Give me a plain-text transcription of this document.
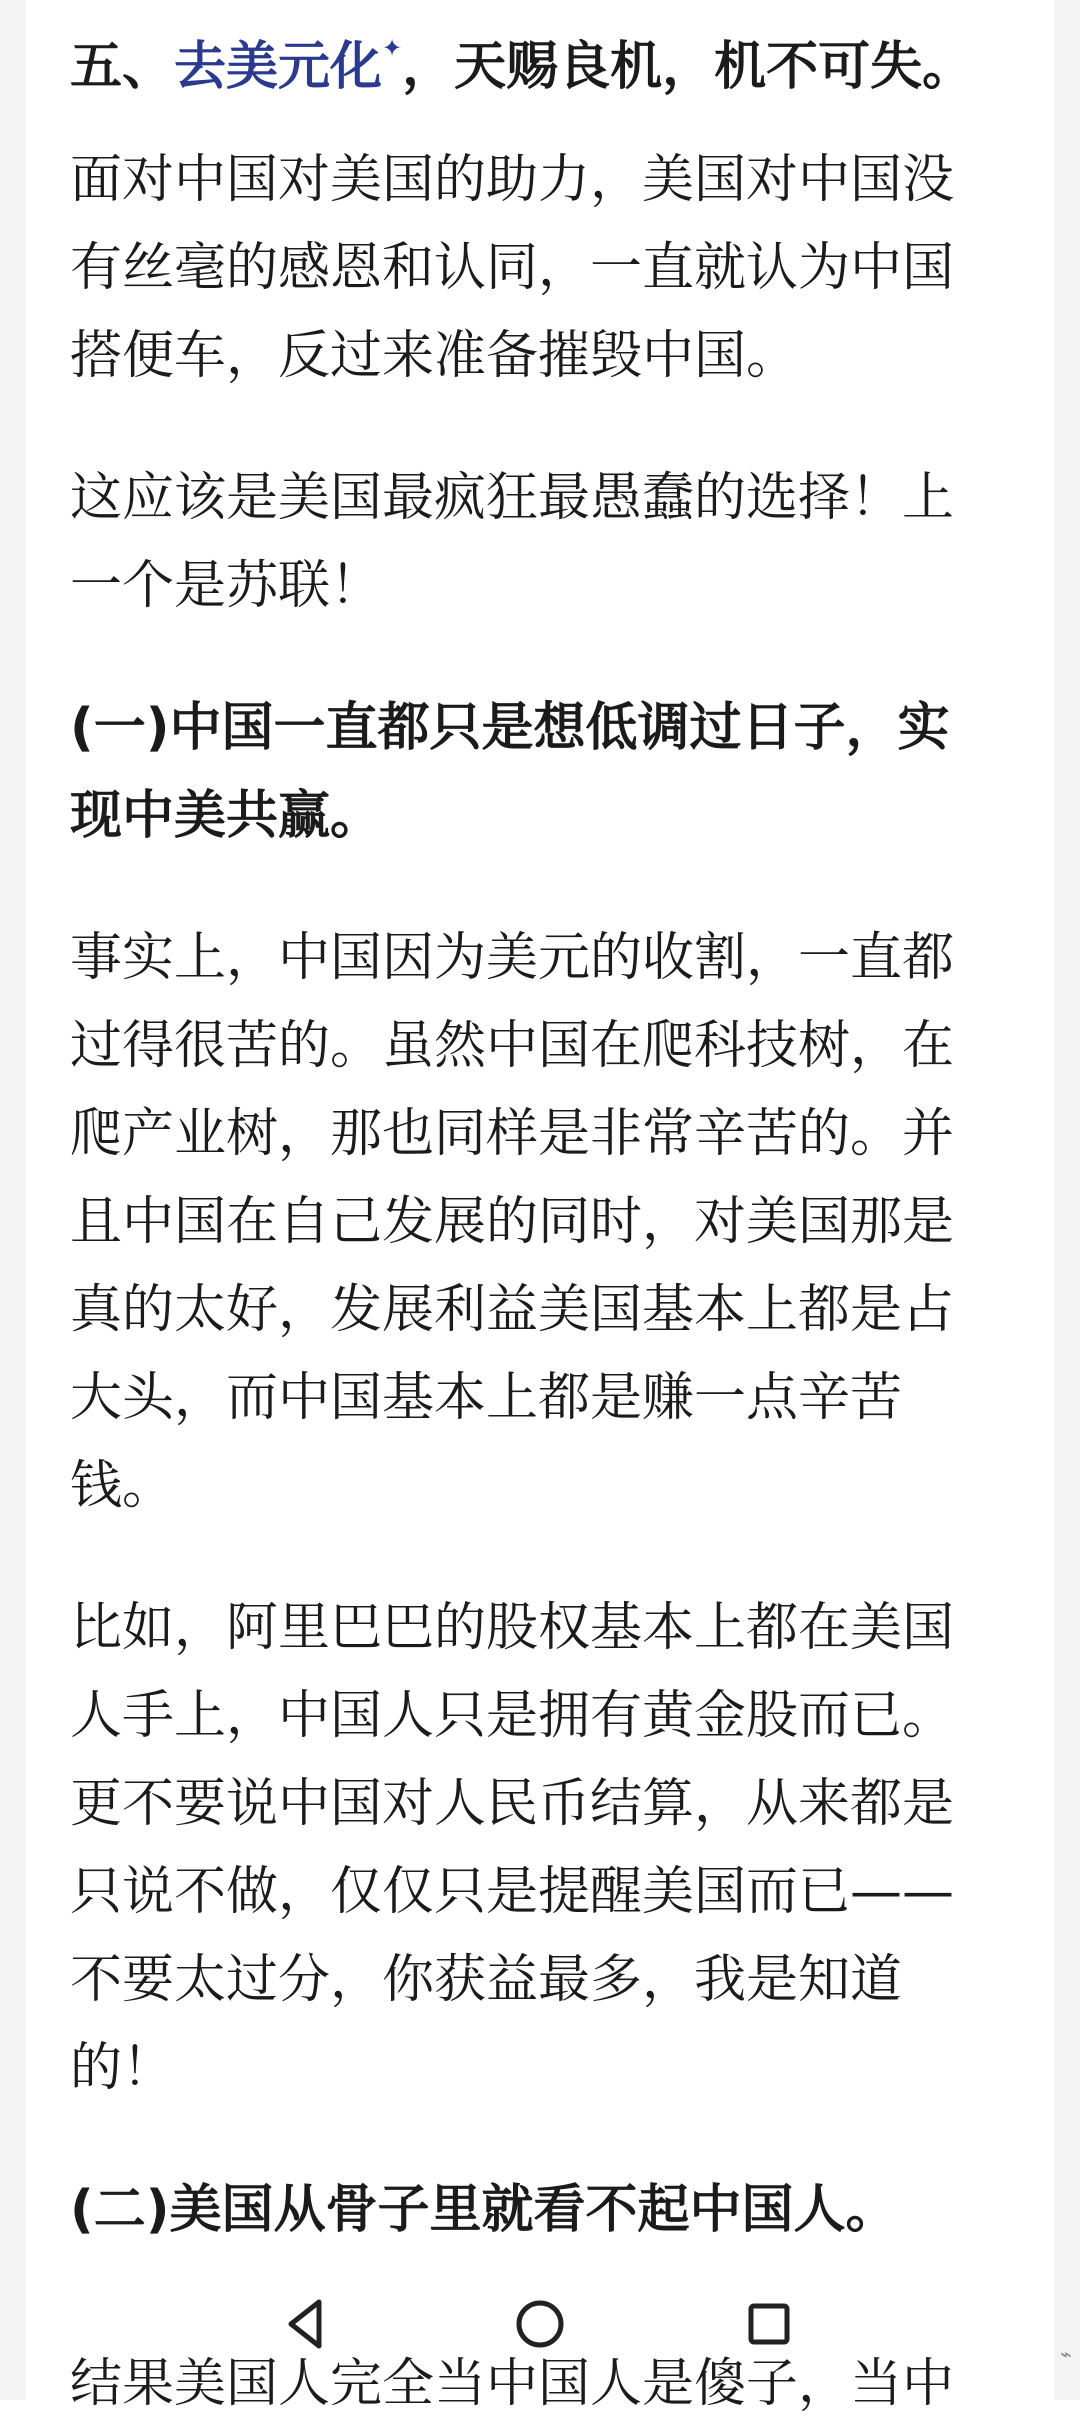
五、去美元化✦，天赐良机，机不可失。
面对中国对美国的助力，美国对中国没
有丝毫的感恩和认同，一直就认为中国
搭便车，反过来准备摧毁中国。
这应该是美国最疯狂最愚蠢的选择！上
一个是苏联！
(一)中国一直都只是想低调过日子，实
现中美共赢。
事实上，中国因为美元的收割，一直都
过得很苦的。虽然中国在爬科技树，在
爬产业树，那也同样是非常辛苦的。并
且中国在自己发展的同时，对美国那是
真的太好，发展利益美国基本上都是占
大头，而中国基本上都是赚一点辛苦
钱。
比如，阿里巴巴的股权基本上都在美国
人手上，中国人只是拥有黄金股而已。
更不要说中国对人民币结算，从来都是
只说不做，仅仅只是提醒美国而已——
不要太过分，你获益最多，我是知道
的！
(二)美国从骨子里就看不起中国人。
结果美国人完全当中国人是傻子，当中	⌁
